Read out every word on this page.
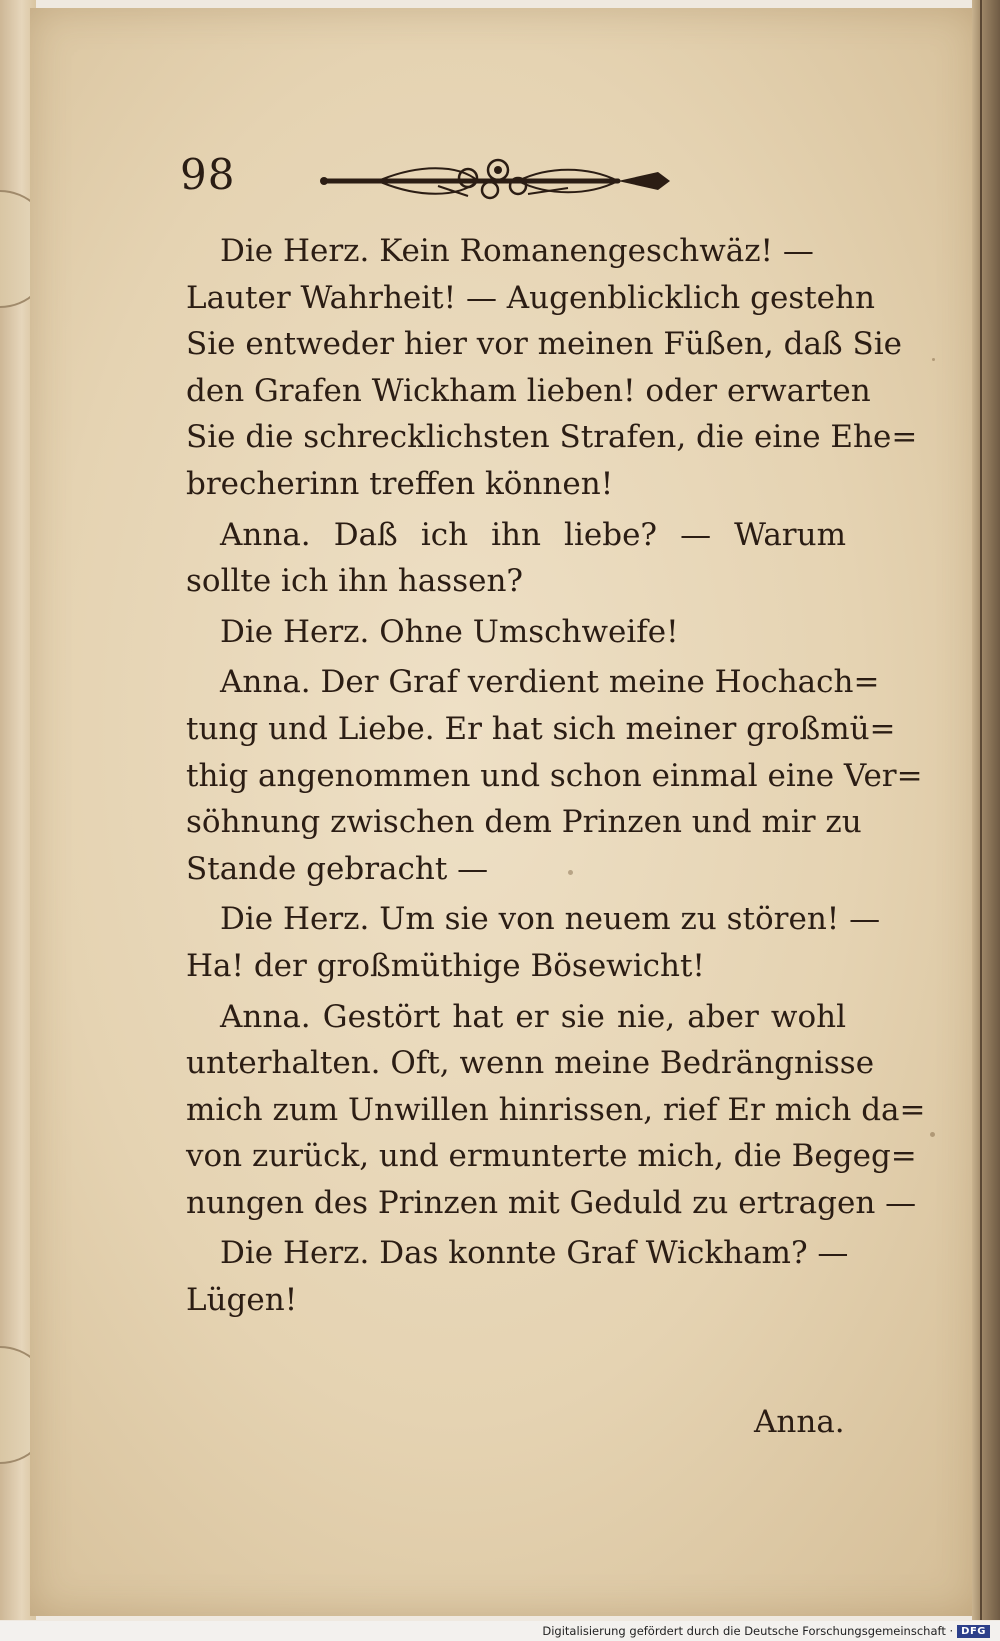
98
Die Herz. Kein Romanengeschwäz! —
Lauter Wahrheit! — Augenblicklich gestehn
Sie entweder hier vor meinen Füßen, daß Sie
den Grafen Wickham lieben! oder erwarten
Sie die schrecklichsten Strafen, die eine Ehe=
brecherinn treffen können!
Anna. Daß ich ihn liebe? — Warum
sollte ich ihn hassen?
Die Herz. Ohne Umschweife!
Anna. Der Graf verdient meine Hochach=
tung und Liebe. Er hat sich meiner großmü=
thig angenommen und schon einmal eine Ver=
söhnung zwischen dem Prinzen und mir zu
Stande gebracht —
Die Herz. Um sie von neuem zu stören! —
Ha! der großmüthige Bösewicht!
Anna. Gestört hat er sie nie, aber wohl
unterhalten. Oft, wenn meine Bedrängnisse
mich zum Unwillen hinrissen, rief Er mich da=
von zurück, und ermunterte mich, die Begeg=
nungen des Prinzen mit Geduld zu ertragen —
Die Herz. Das konnte Graf Wickham? —
Lügen!
Anna.
Digitalisierung gefördert durch die Deutsche Forschungsgemeinschaft · DFG
